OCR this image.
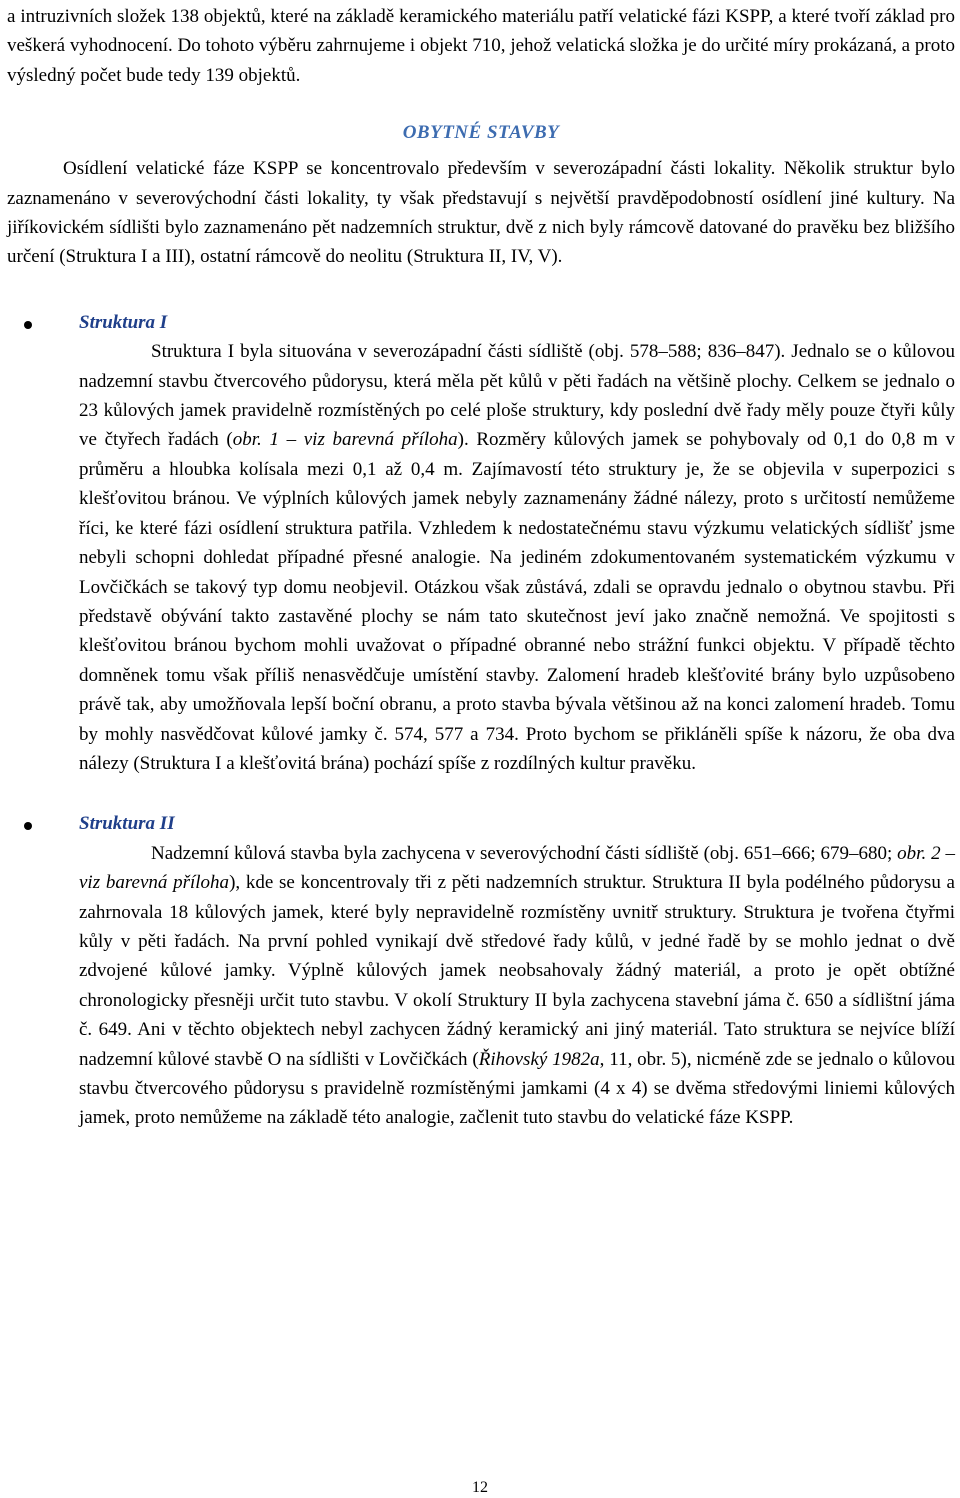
a intruzivních složek 138 objektů, které na základě keramického materiálu patří velatické fázi KSPP, a které tvoří základ pro veškerá vyhodnocení. Do tohoto výběru zahrnujeme i objekt 710, jehož velatická složka je do určité míry prokázaná, a proto výsledný počet bude tedy 139 objektů.

OBYTNÉ STAVBY

Osídlení velatické fáze KSPP se koncentrovalo především v severozápadní části lokality. Několik struktur bylo zaznamenáno v severovýchodní části lokality, ty však představují s největší pravděpodobností osídlení jiné kultury. Na jiříkovickém sídlišti bylo zaznamenáno pět nadzemních struktur, dvě z nich byly rámcově datované do pravěku bez bližšího určení (Struktura I a III), ostatní rámcově do neolitu (Struktura II, IV, V).

Struktura I

Struktura I byla situována v severozápadní části sídliště (obj. 578–588; 836–847). Jednalo se o kůlovou nadzemní stavbu čtvercového půdorysu, která měla pět kůlů v pěti řadách na většině plochy. Celkem se jednalo o 23 kůlových jamek pravidelně rozmístěných po celé ploše struktury, kdy poslední dvě řady měly pouze čtyři kůly ve čtyřech řadách (obr. 1 – viz barevná příloha). Rozměry kůlových jamek se pohybovaly od 0,1 do 0,8 m v průměru a hloubka kolísala mezi 0,1 až 0,4 m. Zajímavostí této struktury je, že se objevila v superpozici s klešťovitou bránou. Ve výplních kůlových jamek nebyly zaznamenány žádné nálezy, proto s určitostí nemůžeme říci, ke které fázi osídlení struktura patřila. Vzhledem k nedostatečnému stavu výzkumu velatických sídlišť jsme nebyli schopni dohledat případné přesné analogie. Na jediném zdokumentovaném systematickém výzkumu v Lovčičkách se takový typ domu neobjevil. Otázkou však zůstává, zdali se opravdu jednalo o obytnou stavbu. Při představě obývání takto zastavěné plochy se nám tato skutečnost jeví jako značně nemožná. Ve spojitosti s klešťovitou bránou bychom mohli uvažovat o případné obranné nebo strážní funkci objektu. V případě těchto domněnek tomu však příliš nenasvědčuje umístění stavby. Zalomení hradeb klešťovité brány bylo uzpůsobeno právě tak, aby umožňovala lepší boční obranu, a proto stavba bývala většinou až na konci zalomení hradeb. Tomu by mohly nasvědčovat kůlové jamky č. 574, 577 a 734. Proto bychom se přikláněli spíše k názoru, že oba dva nálezy (Struktura I a klešťovitá brána) pochází spíše z rozdílných kultur pravěku.

Struktura II

Nadzemní kůlová stavba byla zachycena v severovýchodní části sídliště (obj. 651–666; 679–680; obr. 2 – viz barevná příloha), kde se koncentrovaly tři z pěti nadzemních struktur. Struktura II byla podélného půdorysu a zahrnovala 18 kůlových jamek, které byly nepravidelně rozmístěny uvnitř struktury. Struktura je tvořena čtyřmi kůly v pěti řadách. Na první pohled vynikají dvě středové řady kůlů, v jedné řadě by se mohlo jednat o dvě zdvojené kůlové jamky. Výplně kůlových jamek neobsahovaly žádný materiál, a proto je opět obtížné chronologicky přesněji určit tuto stavbu. V okolí Struktury II byla zachycena stavební jáma č. 650 a sídlištní jáma č. 649. Ani v těchto objektech nebyl zachycen žádný keramický ani jiný materiál. Tato struktura se nejvíce blíží nadzemní kůlové stavbě O na sídlišti v Lovčičkách (Řihovský 1982a, 11, obr. 5), nicméně zde se jednalo o kůlovou stavbu čtvercového půdorysu s pravidelně rozmístěnými jamkami (4 x 4) se dvěma středovými liniemi kůlových jamek, proto nemůžeme na základě této analogie, začlenit tuto stavbu do velatické fáze KSPP.

12
